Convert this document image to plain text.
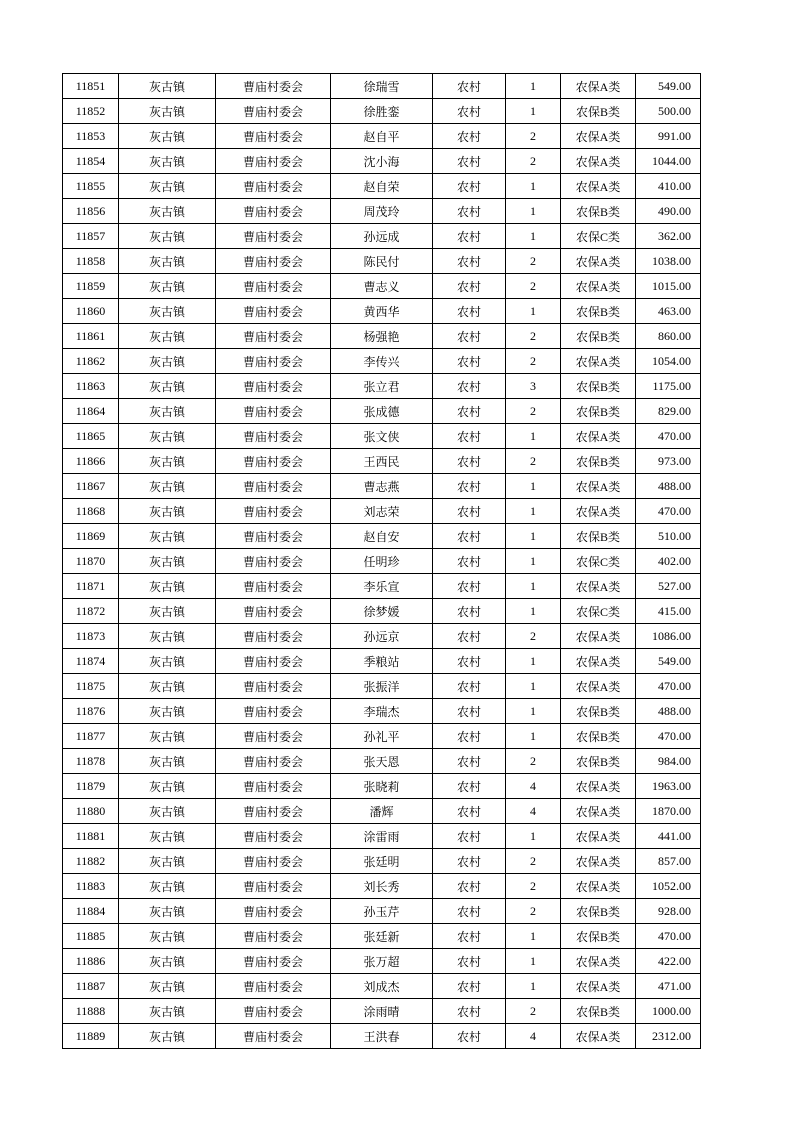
11851	灰古镇	曹庙村委会	徐瑞雪	农村	1	农保A类	549.00
11852	灰古镇	曹庙村委会	徐胜銮	农村	1	农保B类	500.00
11853	灰古镇	曹庙村委会	赵自平	农村	2	农保A类	991.00
11854	灰古镇	曹庙村委会	沈小海	农村	2	农保A类	1044.00
11855	灰古镇	曹庙村委会	赵自荣	农村	1	农保A类	410.00
11856	灰古镇	曹庙村委会	周茂玲	农村	1	农保B类	490.00
11857	灰古镇	曹庙村委会	孙远成	农村	1	农保C类	362.00
11858	灰古镇	曹庙村委会	陈民付	农村	2	农保A类	1038.00
11859	灰古镇	曹庙村委会	曹志义	农村	2	农保A类	1015.00
11860	灰古镇	曹庙村委会	黄西华	农村	1	农保B类	463.00
11861	灰古镇	曹庙村委会	杨强艳	农村	2	农保B类	860.00
11862	灰古镇	曹庙村委会	李传兴	农村	2	农保A类	1054.00
11863	灰古镇	曹庙村委会	张立君	农村	3	农保B类	1175.00
11864	灰古镇	曹庙村委会	张成德	农村	2	农保B类	829.00
11865	灰古镇	曹庙村委会	张文侠	农村	1	农保A类	470.00
11866	灰古镇	曹庙村委会	王西民	农村	2	农保B类	973.00
11867	灰古镇	曹庙村委会	曹志燕	农村	1	农保A类	488.00
11868	灰古镇	曹庙村委会	刘志荣	农村	1	农保A类	470.00
11869	灰古镇	曹庙村委会	赵自安	农村	1	农保B类	510.00
11870	灰古镇	曹庙村委会	任明珍	农村	1	农保C类	402.00
11871	灰古镇	曹庙村委会	李乐宣	农村	1	农保A类	527.00
11872	灰古镇	曹庙村委会	徐梦媛	农村	1	农保C类	415.00
11873	灰古镇	曹庙村委会	孙远京	农村	2	农保A类	1086.00
11874	灰古镇	曹庙村委会	季粮站	农村	1	农保A类	549.00
11875	灰古镇	曹庙村委会	张振洋	农村	1	农保A类	470.00
11876	灰古镇	曹庙村委会	李瑞杰	农村	1	农保B类	488.00
11877	灰古镇	曹庙村委会	孙礼平	农村	1	农保B类	470.00
11878	灰古镇	曹庙村委会	张天恩	农村	2	农保B类	984.00
11879	灰古镇	曹庙村委会	张晓莉	农村	4	农保A类	1963.00
11880	灰古镇	曹庙村委会	潘辉	农村	4	农保A类	1870.00
11881	灰古镇	曹庙村委会	涂雷雨	农村	1	农保A类	441.00
11882	灰古镇	曹庙村委会	张廷明	农村	2	农保A类	857.00
11883	灰古镇	曹庙村委会	刘长秀	农村	2	农保A类	1052.00
11884	灰古镇	曹庙村委会	孙玉芹	农村	2	农保B类	928.00
11885	灰古镇	曹庙村委会	张廷新	农村	1	农保B类	470.00
11886	灰古镇	曹庙村委会	张万超	农村	1	农保A类	422.00
11887	灰古镇	曹庙村委会	刘成杰	农村	1	农保A类	471.00
11888	灰古镇	曹庙村委会	涂雨晴	农村	2	农保B类	1000.00
11889	灰古镇	曹庙村委会	王洪春	农村	4	农保A类	2312.00
